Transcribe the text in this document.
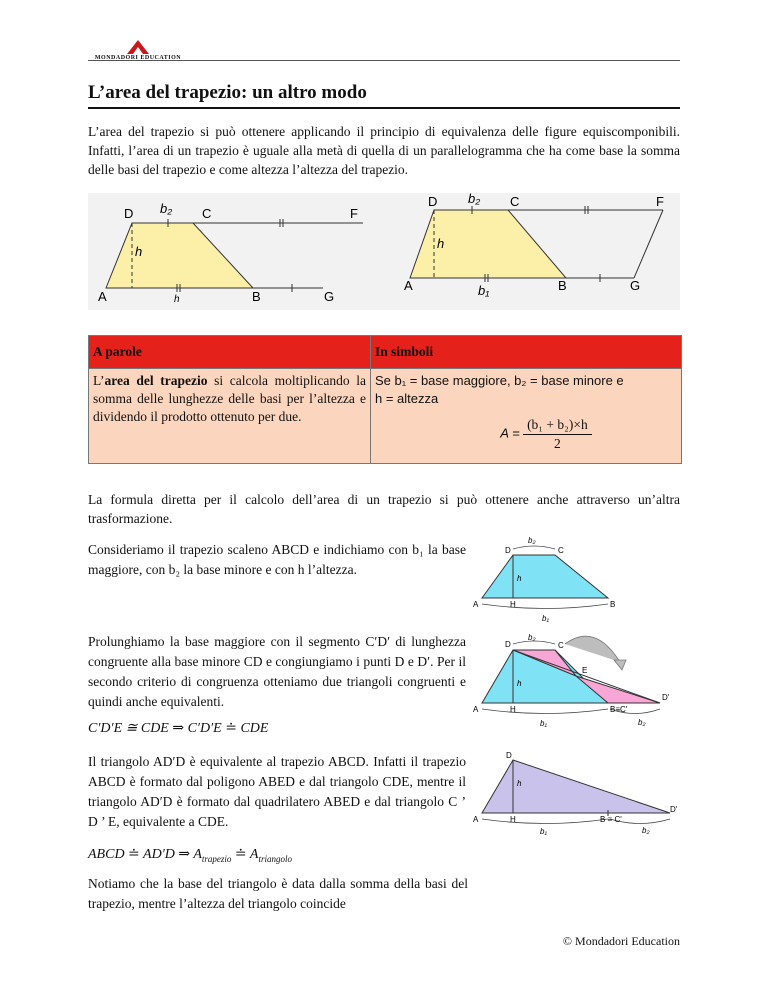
MONDADORI EDUCATION
L’area del trapezio: un altro modo

L’area del trapezio si può ottenere applicando il principio di equivalenza delle figure equiscomponibili. Infatti, l’area di un trapezio è uguale alla metà di quella di un parallelogramma che ha come base la somma delle basi del trapezio e come altezza l’altezza del trapezio.

D b₂ C	F
h
A	h	B	G
D b₂ C	F
h
A	b₁	B	G
A parole	In simboli
L’area del trapezio si calcola moltiplicando la somma delle lunghezze delle basi per l’altezza e dividendo il prodotto ottenuto per due.	Se b₁ = base maggiore, b₂ = base minore e
h = altezza
$A = \frac{\text{(b₁ + b₂)×h}}{2}$

La formula diretta per il calcolo dell’area di un trapezio si può ottenere anche attraverso un’altra trasformazione.

Consideriamo il trapezio scaleno ABCD e indichiamo con b₁ la base maggiore, con b₂ la base minore e con h l’altezza.

b₂
D	C
h
A	H	B
b₁

Prolunghiamo la base maggiore con il segmento C′D′ di lunghezza congruente alla base minore CD e congiungiamo i punti D e D′. Per il secondo criterio di congruenza otteniamo due triangoli congruenti e quindi anche equivalenti.

b₂
D	C
E
h
A	H	B≡C'
D'
b₁	b₂
C′D′E ≅ CDE ⇒ C′D′E ≐ CDE

Il triangolo AD′D è equivalente al trapezio ABCD. Infatti il trapezio ABCD è formato dal poligono ABED e dal triangolo CDE, mentre il triangolo AD′D è formato dal quadrilatero ABED e dal triangolo C ’ D ’ E, equivalente a CDE.

D
h
A	H	B ≡ C'
D'
b₁	b₂
ABCD ≐ AD′D ⇒ $A_{trapezio}$ ≐ $A_{triangolo}$

Notiamo che la base del triangolo è data dalla somma della basi del trapezio, mentre l’altezza del triangolo coincide

© Mondadori Education
